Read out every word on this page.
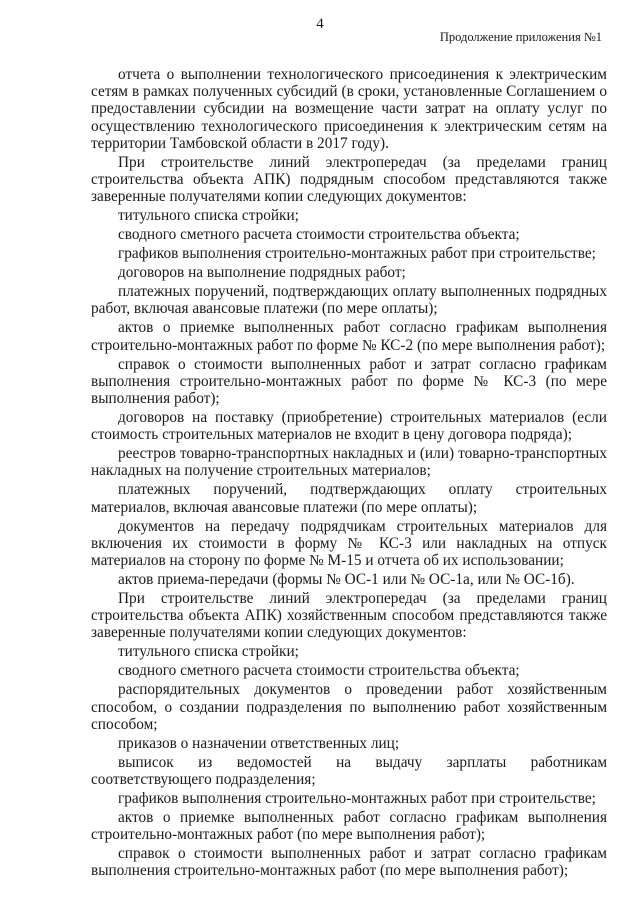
4
Продолжение приложения №1

отчета о выполнении технологического присоединения к электрическим сетям в рамках полученных субсидий (в сроки, установленные Соглашением о предоставлении субсидии на возмещение части затрат на оплату услуг по осуществлению технологического присоединения к электрическим сетям на территории Тамбовской области в 2017 году).

При строительстве линий электропередач (за пределами границ строительства объекта АПК) подрядным способом представляются также заверенные получателями копии следующих документов:

титульного списка стройки;

сводного сметного расчета стоимости строительства объекта;

графиков выполнения строительно-монтажных работ при строительстве;

договоров на выполнение подрядных работ;

платежных поручений, подтверждающих оплату выполненных подрядных работ, включая авансовые платежи (по мере оплаты);

актов о приемке выполненных работ согласно графикам выполнения строительно-монтажных работ по форме № КС-2 (по мере выполнения работ);

справок о стоимости выполненных работ и затрат согласно графикам выполнения строительно-монтажных работ по форме № КС-3 (по мере выполнения работ);

договоров на поставку (приобретение) строительных материалов (если стоимость строительных материалов не входит в цену договора подряда);

реестров товарно-транспортных накладных и (или) товарно-транспортных накладных на получение строительных материалов;

платежных поручений, подтверждающих оплату строительных материалов, включая авансовые платежи (по мере оплаты);

документов на передачу подрядчикам строительных материалов для включения их стоимости в форму № КС-3 или накладных на отпуск материалов на сторону по форме № М-15 и отчета об их использовании;

актов приема-передачи (формы № ОС-1 или № ОС-1а, или № ОС-1б).

При строительстве линий электропередач (за пределами границ строительства объекта АПК) хозяйственным способом представляются также заверенные получателями копии следующих документов:

титульного списка стройки;

сводного сметного расчета стоимости строительства объекта;

распорядительных документов о проведении работ хозяйственным способом, о создании подразделения по выполнению работ хозяйственным способом;

приказов о назначении ответственных лиц;

выписок из ведомостей на выдачу зарплаты работникам соответствующего подразделения;

графиков выполнения строительно-монтажных работ при строительстве;

актов о приемке выполненных работ согласно графикам выполнения строительно-монтажных работ (по мере выполнения работ);

справок о стоимости выполненных работ и затрат согласно графикам выполнения строительно-монтажных работ (по мере выполнения работ);
